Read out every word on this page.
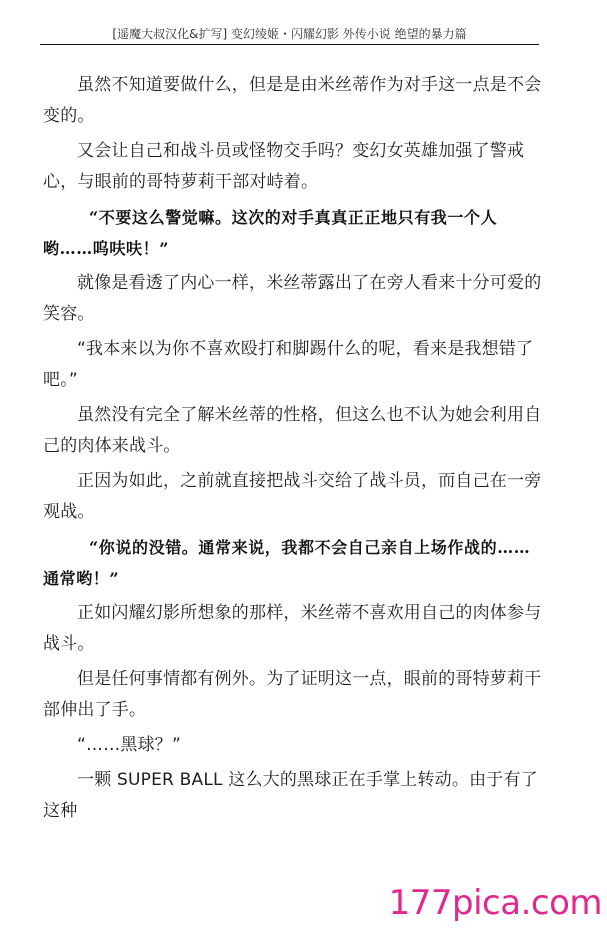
[遥魔大叔汉化&扩写] 变幻绫姬・闪耀幻影 外传小说 绝望的暴力篇

虽然不知道要做什么，但是是由米丝蒂作为对手这一点是不会变的。

又会让自己和战斗员或怪物交手吗？变幻女英雄加强了警戒心，与眼前的哥特萝莉干部对峙着。

“不要这么警觉嘛。这次的对手真真正正地只有我一个人哟……呜呋呋！”

就像是看透了内心一样，米丝蒂露出了在旁人看来十分可爱的笑容。

“我本来以为你不喜欢殴打和脚踢什么的呢，看来是我想错了吧。”

虽然没有完全了解米丝蒂的性格，但这么也不认为她会利用自己的肉体来战斗。

正因为如此，之前就直接把战斗交给了战斗员，而自己在一旁观战。

“你说的没错。通常来说，我都不会自己亲自上场作战的……通常哟！”

正如闪耀幻影所想象的那样，米丝蒂不喜欢用自己的肉体参与战斗。

但是任何事情都有例外。为了证明这一点，眼前的哥特萝莉干部伸出了手。

“……黑球？”

一颗 SUPER BALL 这么大的黑球正在手掌上转动。由于有了这种

177pica.com
